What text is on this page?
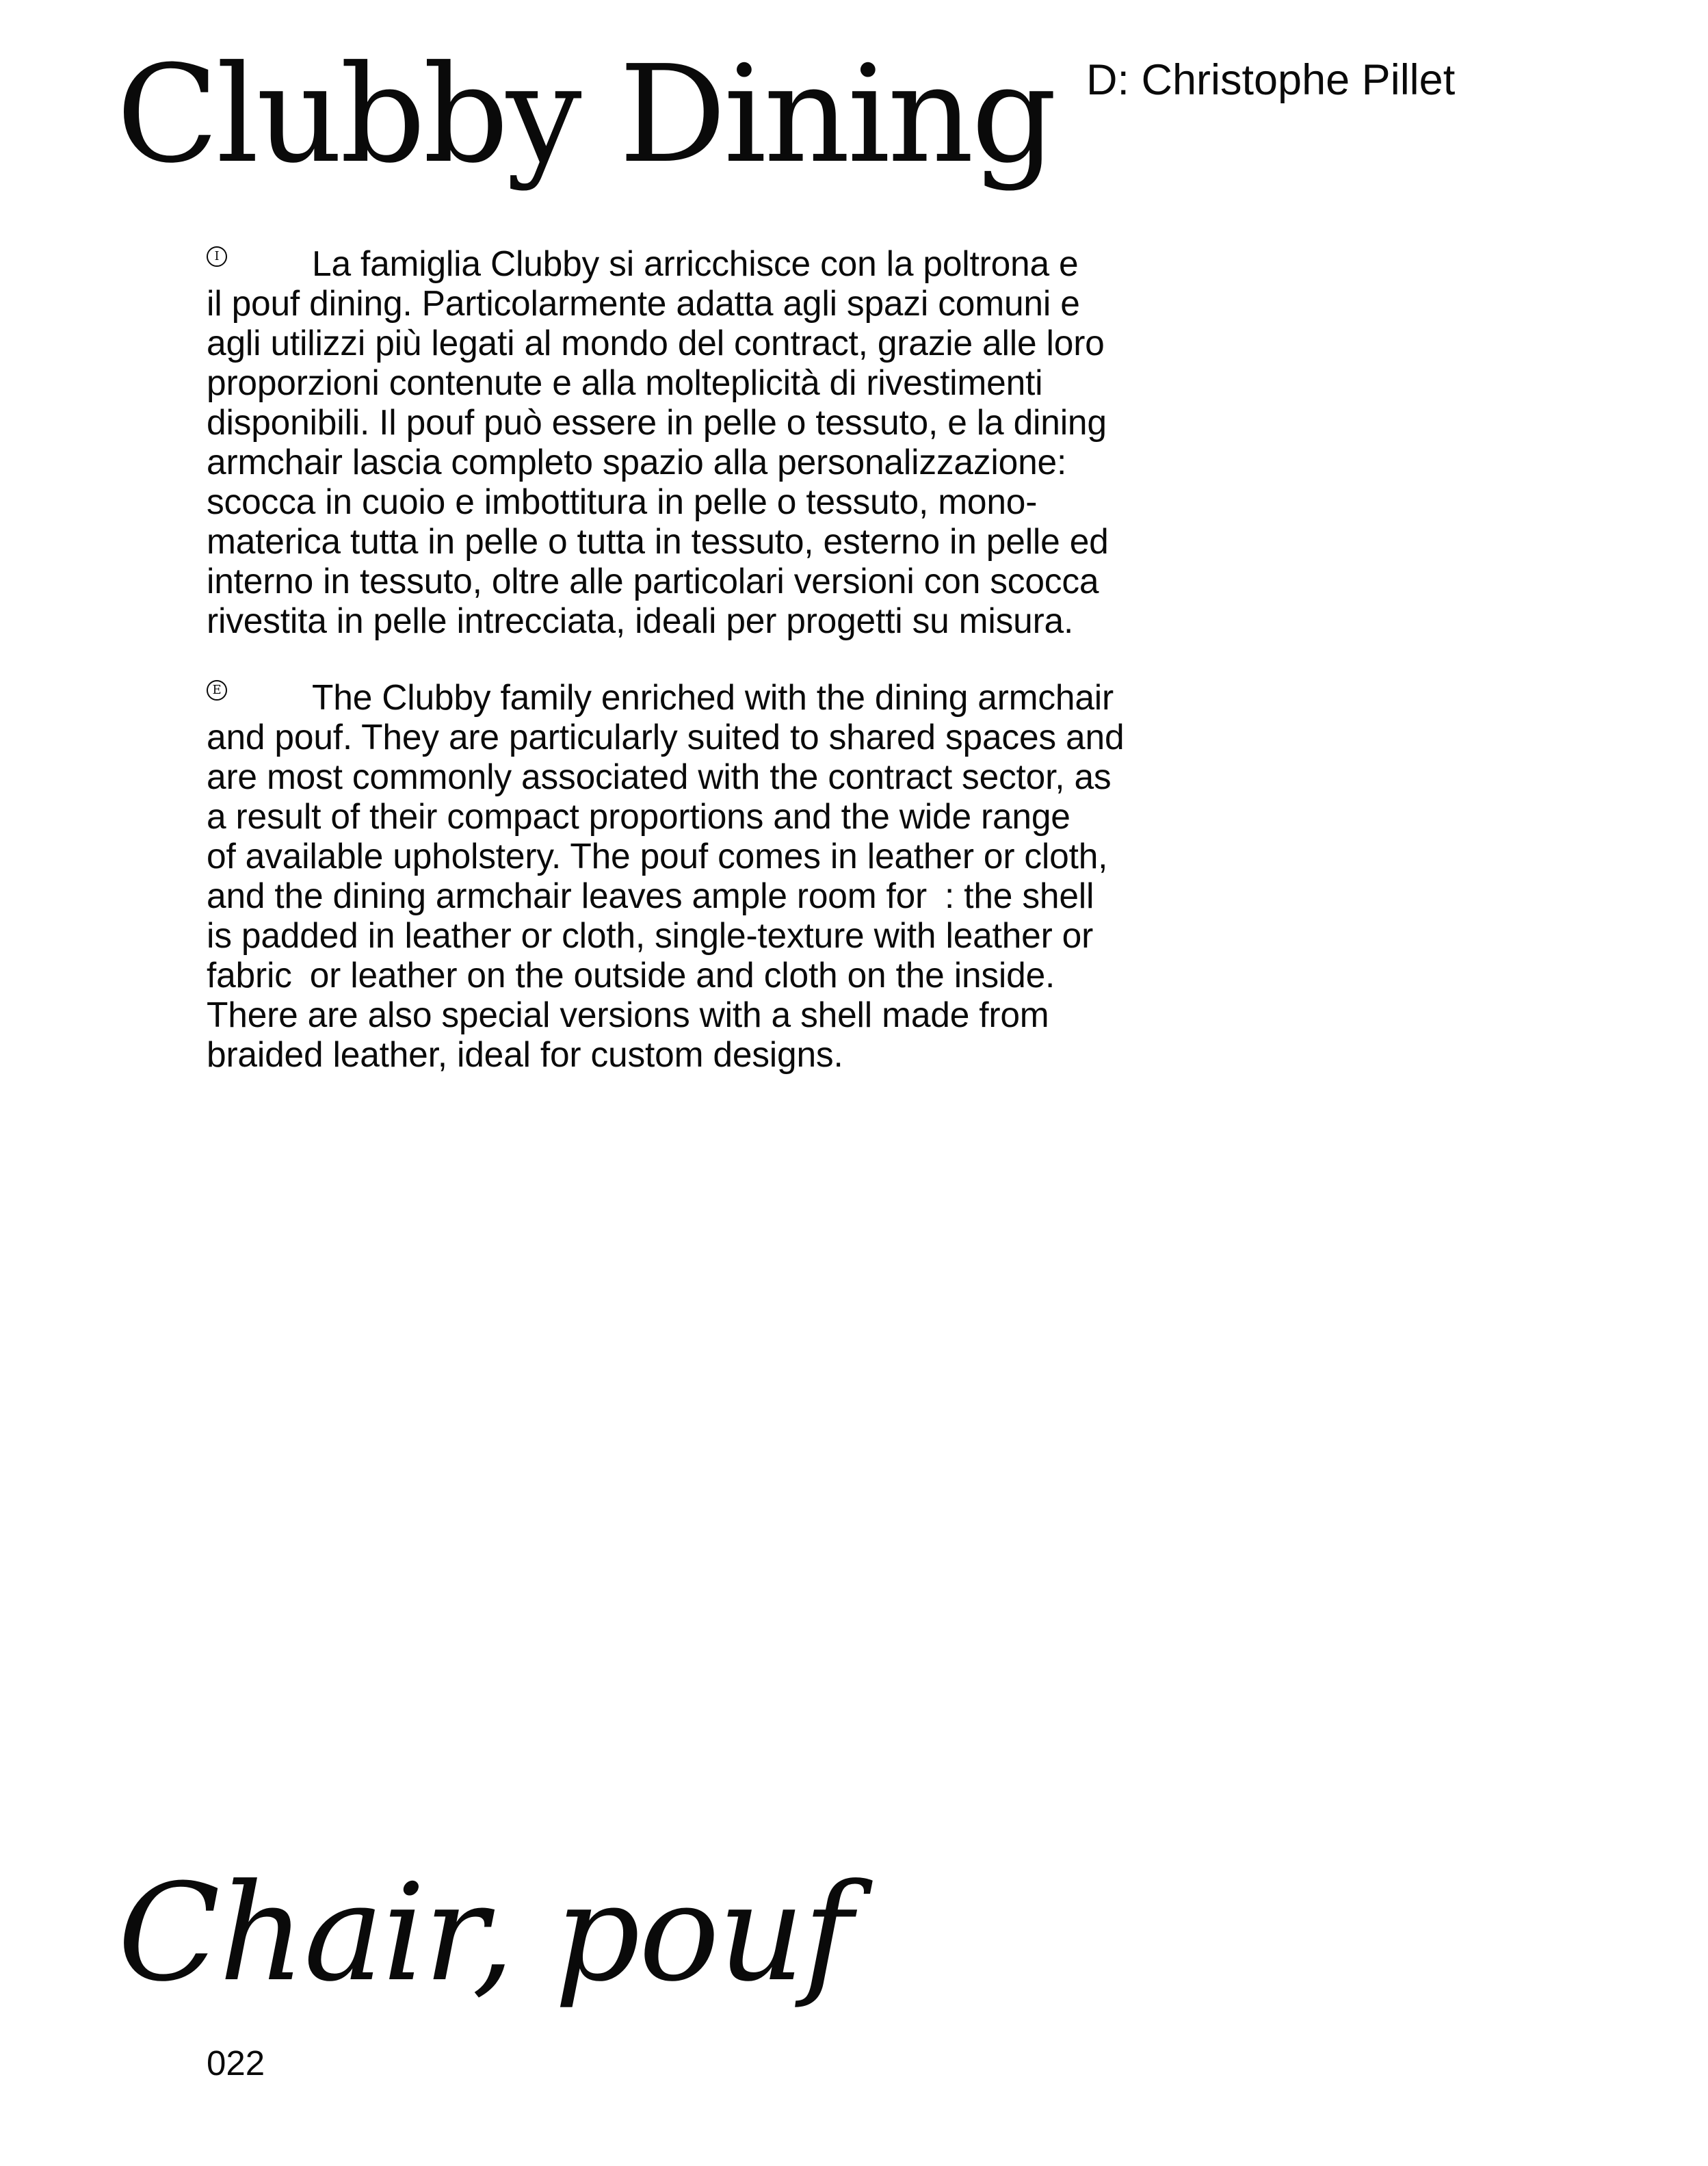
Clubby Dining D: Christophe Pillet
I	La famiglia Clubby si arricchisce con la poltrona e
il pouf dining. Particolarmente adatta agli spazi comuni e
agli utilizzi più legati al mondo del contract, grazie alle loro
proporzioni contenute e alla molteplicità di rivestimenti
disponibili. Il pouf può essere in pelle o tessuto, e la dining
armchair lascia completo spazio alla personalizzazione:
scocca in cuoio e imbottitura in pelle o tessuto, mono-
materica tutta in pelle o tutta in tessuto, esterno in pelle ed
interno in tessuto, oltre alle particolari versioni con scocca
rivestita in pelle intrecciata, ideali per progetti su misura.
E	The Clubby family enriched with the dining armchair
and pouf. They are particularly suited to shared spaces and
are most commonly associated with the contract sector, as
a result of their compact proportions and the wide range
of available upholstery. The pouf comes in leather or cloth,
and the dining armchair leaves ample room for : the shell
is padded in leather or cloth, single-texture with leather or
fabric or leather on the outside and cloth on the inside.
There are also special versions with a shell made from
braided leather, ideal for custom designs.
Chair, pouf
022
